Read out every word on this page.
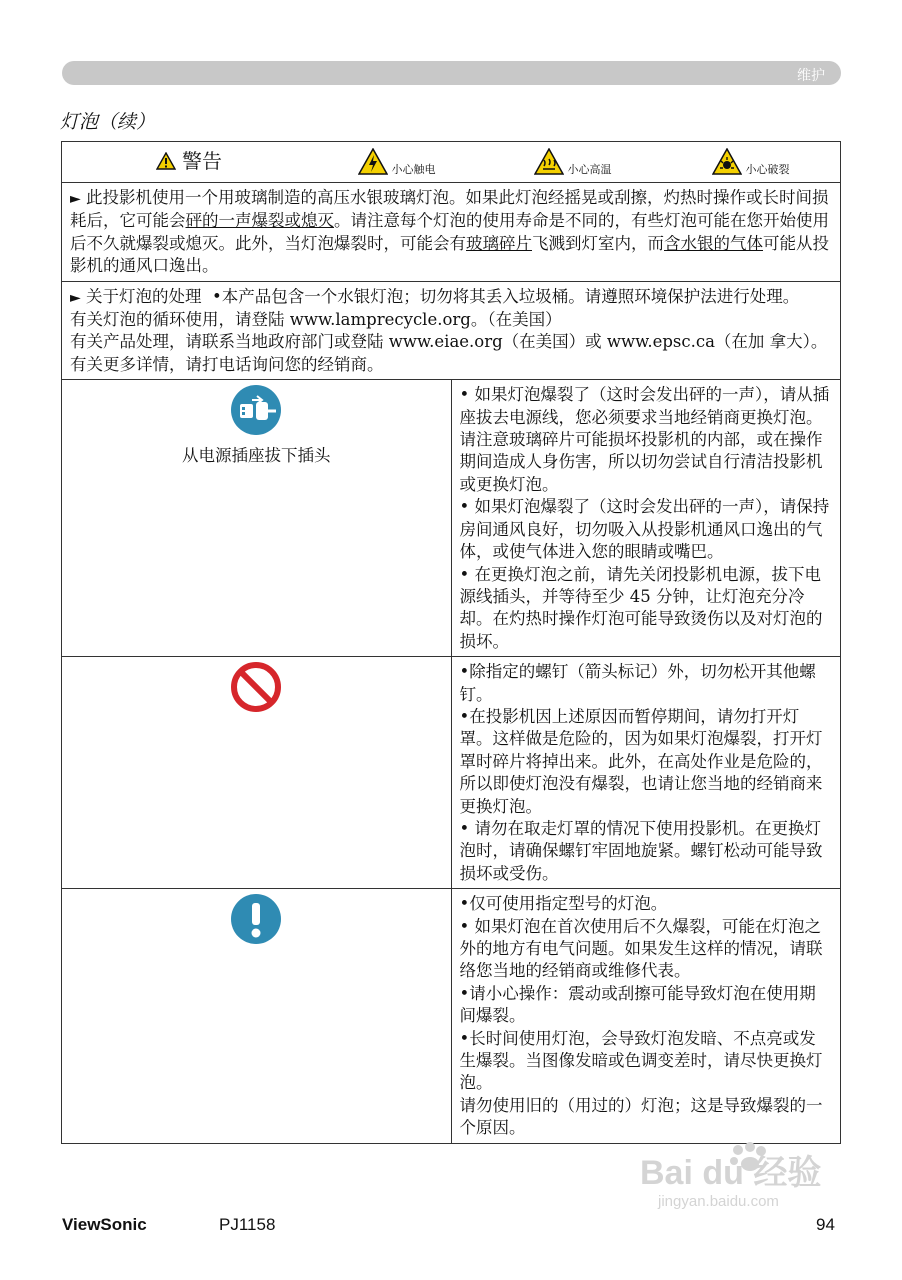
维护
灯泡（续）
警告 小心触电 小心高温 小心破裂	

► 此投影机使用一个用玻璃制造的高压水银玻璃灯泡。如果此灯泡经摇晃或刮擦，灼热时操作或长时间损耗后，它可能会砰的一声爆裂或熄灭。请注意每个灯泡的使用寿命是不同的，有些灯泡可能在您开始使用后不久就爆裂或熄灭。此外，当灯泡爆裂时，可能会有玻璃碎片飞溅到灯室内，而含水银的气体可能从投影机的通风口逸出。	
► 关于灯泡的处理 •本产品包含一个水银灯泡；切勿将其丢入垃圾桶。请遵照环境保护法进行处理。
有关灯泡的循环使用，请登陆 www.lamprecycle.org。（在美国）
有关产品处理，请联系当地政府部门或登陆 www.eiae.org（在美国）或 www.epsc.ca（在加 拿大）。
有关更多详情，请打电话询问您的经销商。	

从电源插座拔下插头	• 如果灯泡爆裂了（这时会发出砰的一声），请从插座拔去电源线，您必须要求当地经销商更换灯泡。请注意玻璃碎片可能损坏投影机的内部，或在操作期间造成人身伤害，所以切勿尝试自行清洁投影机或更换灯泡。
• 如果灯泡爆裂了（这时会发出砰的一声），请保持房间通风良好，切勿吸入从投影机通风口逸出的气体，或使气体进入您的眼睛或嘴巴。
• 在更换灯泡之前，请先关闭投影机电源，拔下电源线插头，并等待至少 45 分钟，让灯泡充分冷却。在灼热时操作灯泡可能导致烫伤以及对灯泡的损坏。

•除指定的螺钉（箭头标记）外，切勿松开其他螺钉。
•在投影机因上述原因而暂停期间，请勿打开灯罩。这样做是危险的，因为如果灯泡爆裂，打开灯罩时碎片将掉出来。此外，在高处作业是危险的，所以即使灯泡没有爆裂，也请让您当地的经销商来更换灯泡。
• 请勿在取走灯罩的情况下使用投影机。在更换灯泡时，请确保螺钉牢固地旋紧。螺钉松动可能导致损坏或受伤。

•仅可使用指定型号的灯泡。
• 如果灯泡在首次使用后不久爆裂，可能在灯泡之外的地方有电气问题。如果发生这样的情况，请联络您当地的经销商或维修代表。
•请小心操作：震动或刮擦可能导致灯泡在使用期间爆裂。
•长时间使用灯泡，会导致灯泡发暗、不点亮或发生爆裂。当图像发暗或色调变差时，请尽快更换灯泡。
请勿使用旧的（用过的）灯泡；这是导致爆裂的一个原因。
Bai du 经验
jingyan.baidu.com
ViewSonic	PJ1158	94
